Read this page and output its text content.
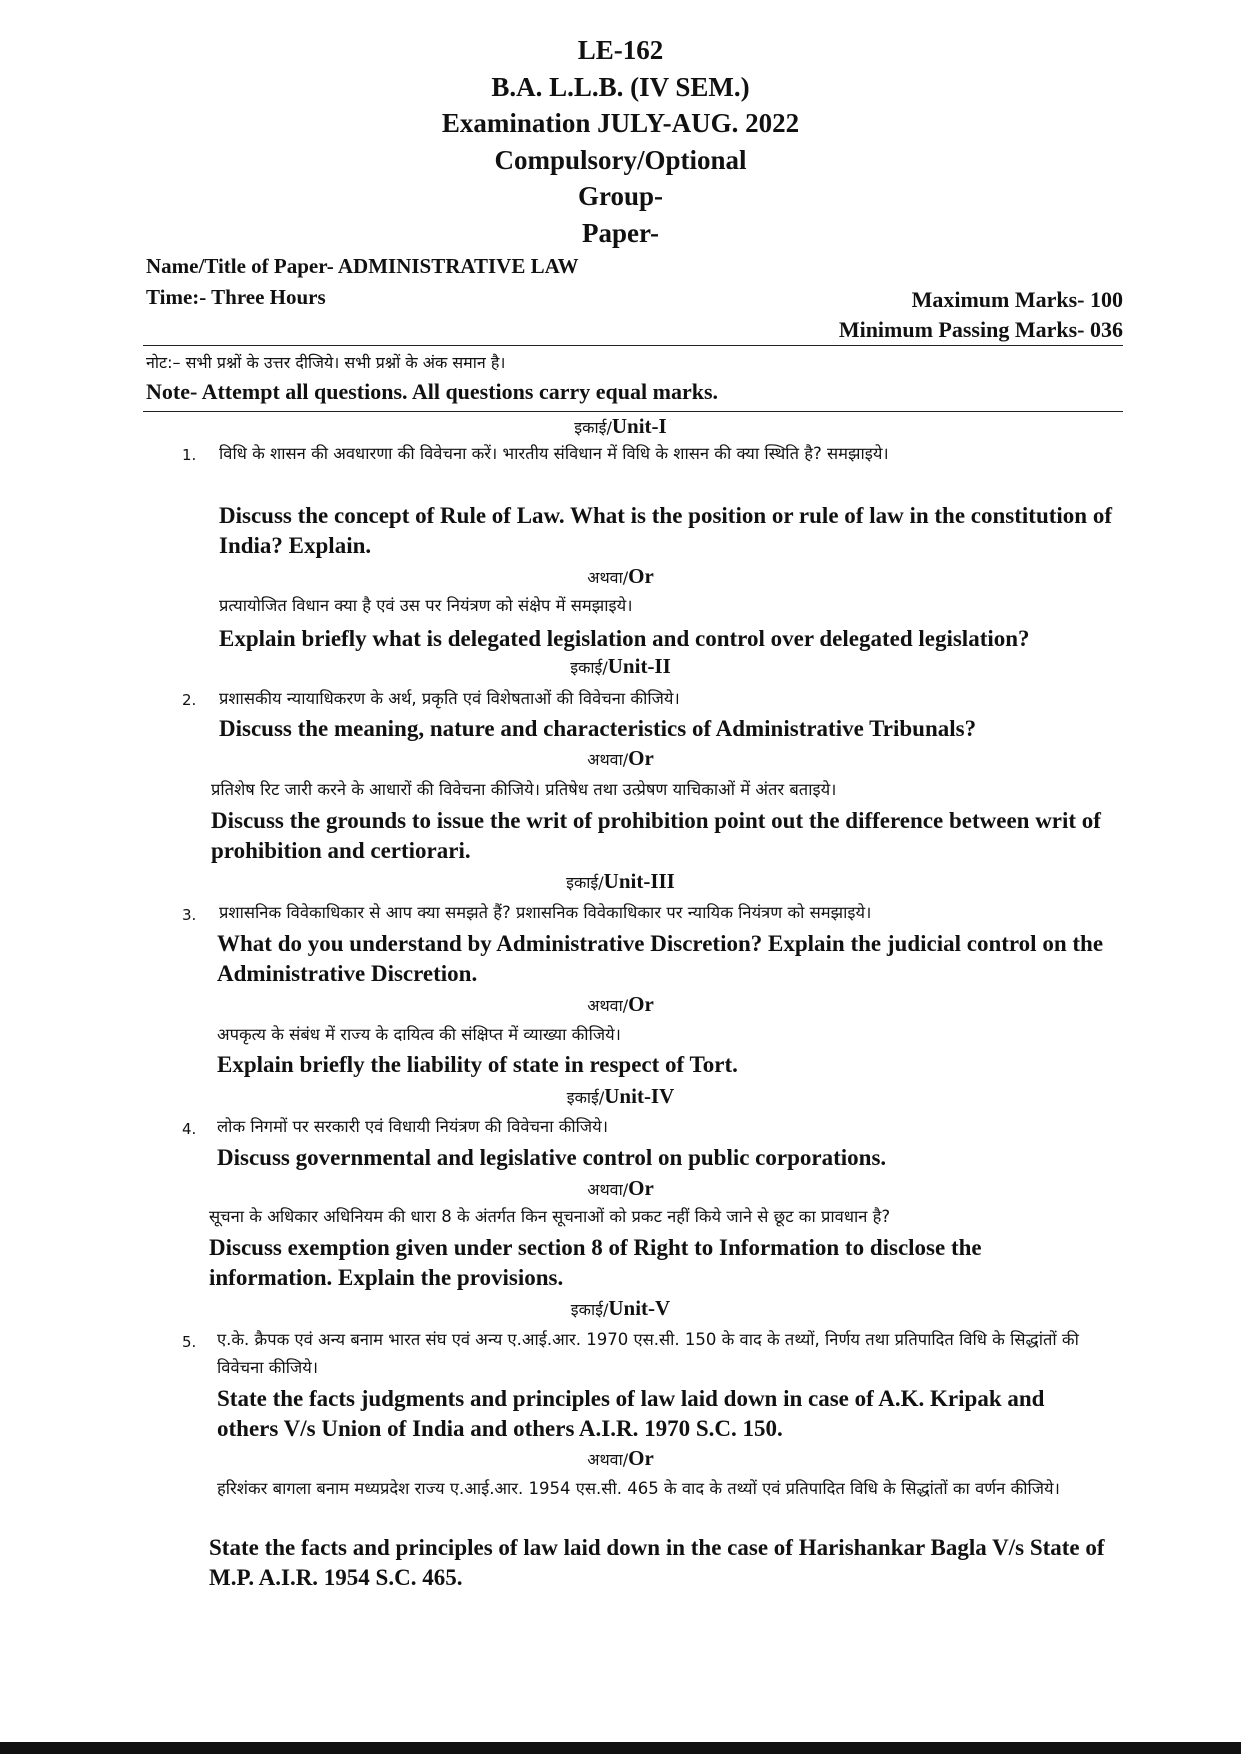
LE-162
B.A. L.L.B. (IV SEM.)
Examination JULY-AUG. 2022
Compulsory/Optional
Group-
Paper-
Name/Title of Paper- ADMINISTRATIVE LAW
Time:- Three Hours	Maximum Marks- 100
Minimum Passing Marks- 036
नोट:– सभी प्रश्नों के उत्तर दीजिये। सभी प्रश्नों के अंक समान है।
Note- Attempt all questions. All questions carry equal marks.
इकाई/Unit-I
1. विधि के शासन की अवधारणा की विवेचना करें। भारतीय संविधान में विधि के शासन की क्या स्थिति है? समझाइये।
Discuss the concept of Rule of Law. What is the position or rule of law in the constitution of India? Explain.
अथवा/Or
प्रत्यायोजित विधान क्या है एवं उस पर नियंत्रण को संक्षेप में समझाइये।
Explain briefly what is delegated legislation and control over delegated legislation?
इकाई/Unit-II
2. प्रशासकीय न्यायाधिकरण के अर्थ, प्रकृति एवं विशेषताओं की विवेचना कीजिये।
Discuss the meaning, nature and characteristics of Administrative Tribunals?
अथवा/Or
प्रतिशेष रिट जारी करने के आधारों की विवेचना कीजिये। प्रतिषेध तथा उत्प्रेषण याचिकाओं में अंतर बताइये।
Discuss the grounds to issue the writ of prohibition point out the difference between writ of prohibition and certiorari.
इकाई/Unit-III
3. प्रशासनिक विवेकाधिकार से आप क्या समझते हैं? प्रशासनिक विवेकाधिकार पर न्यायिक नियंत्रण को समझाइये।
What do you understand by Administrative Discretion? Explain the judicial control on the Administrative Discretion.
अथवा/Or
अपकृत्य के संबंध में राज्य के दायित्व की संक्षिप्त में व्याख्या कीजिये।
Explain briefly the liability of state in respect of Tort.
इकाई/Unit-IV
4. लोक निगमों पर सरकारी एवं विधायी नियंत्रण की विवेचना कीजिये।
Discuss governmental and legislative control on public corporations.
अथवा/Or
सूचना के अधिकार अधिनियम की धारा 8 के अंतर्गत किन सूचनाओं को प्रकट नहीं किये जाने से छूट का प्रावधान है?
Discuss exemption given under section 8 of Right to Information to disclose the information. Explain the provisions.
इकाई/Unit-V
5. ए.के. क्रैपक एवं अन्य बनाम भारत संघ एवं अन्य ए.आई.आर. 1970 एस.सी. 150 के वाद के तथ्यों, निर्णय तथा प्रतिपादित विधि के सिद्धांतों की विवेचना कीजिये।
State the facts judgments and principles of law laid down in case of A.K. Kripak and others V/s Union of India and others A.I.R. 1970 S.C. 150.
अथवा/Or
हरिशंकर बागला बनाम मध्यप्रदेश राज्य ए.आई.आर. 1954 एस.सी. 465 के वाद के तथ्यों एवं प्रतिपादित विधि के सिद्धांतों का वर्णन कीजिये।
State the facts and principles of law laid down in the case of Harishankar Bagla V/s State of M.P. A.I.R. 1954 S.C. 465.
